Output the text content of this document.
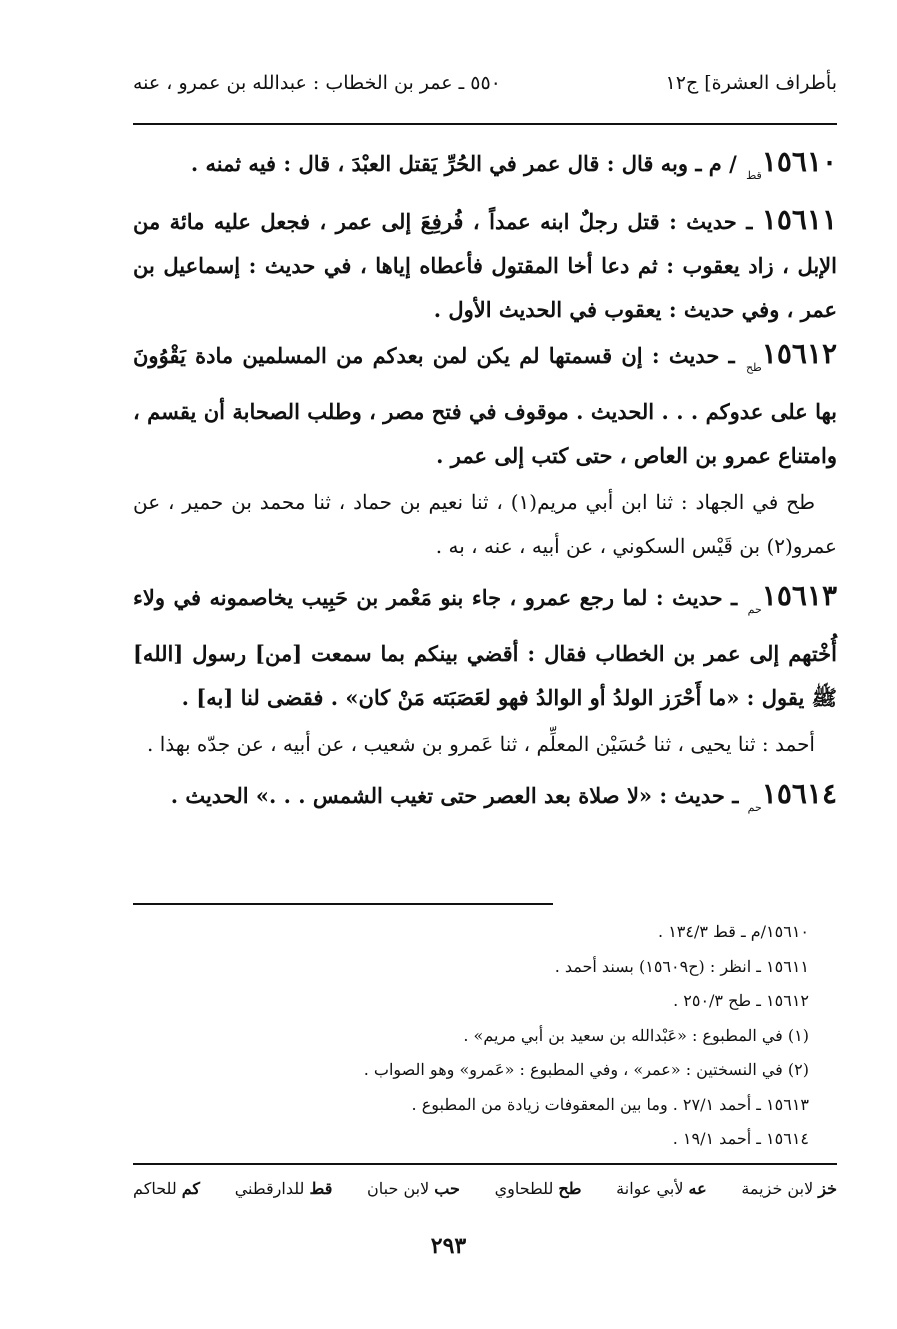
بأطراف العشرة] ج١٢
٥٥٠ ـ عمر بن الخطاب : عبدالله بن عمرو ، عنه

$١٥٦١٠_{قط}$ / م ـ وبه قال : قال عمر في الحُرِّ يَقتل العبْدَ ، قال : فيه ثمنه .

١٥٦١١ ـ حديث : قتل رجلٌ ابنه عمداً ، فُرفِعَ إلى عمر ، فجعل عليه مائة من الإبل ، زاد يعقوب : ثم دعا أخا المقتول فأعطاه إياها ، في حديث : إسماعيل بن عمر ، وفي حديث : يعقوب في الحديث الأول .

$١٥٦١٢_{طح}$ ـ حديث : إن قسمتها لم يكن لمن بعدكم من المسلمين مادة يَقْوُونَ بها على عدوكم . . . الحديث . موقوف في فتح مصر ، وطلب الصحابة أن يقسم ، وامتناع عمرو بن العاص ، حتى كتب إلى عمر .

طح في الجهاد : ثنا ابن أبي مريم(١) ، ثنا نعيم بن حماد ، ثنا محمد بن حمير ، عن عمرو(٢) بن قَيْس السكوني ، عن أبيه ، عنه ، به .

$١٥٦١٣_{حم}$ ـ حديث : لما رجع عمرو ، جاء بنو مَعْمر بن حَبِيب يخاصمونه في ولاء أُخْتهم إلى عمر بن الخطاب فقال : أقضي بينكم بما سمعت [من] رسول [الله] ﷺ يقول : «ما أَحْرَز الولدُ أو الوالدُ فهو لعَصَبَته مَنْ كان» . فقضى لنا [به] .

أحمد : ثنا يحيى ، ثنا حُسَيْن المعلِّم ، ثنا عَمرو بن شعيب ، عن أبيه ، عن جدّه بهذا .

$١٥٦١٤_{حم}$ ـ حديث : «لا صلاة بعد العصر حتى تغيب الشمس . . .» الحديث .

١٥٦١٠/م ـ قط ١٣٤/٣ .
١٥٦١١ ـ انظر : (ح١٥٦٠٩) بسند أحمد .
١٥٦١٢ ـ طح ٢٥٠/٣ .
(١) في المطبوع : «عَبْدالله بن سعيد بن أبي مريم» .
(٢) في النسختين : «عمر» ، وفي المطبوع : «عَمرو» وهو الصواب .
١٥٦١٣ ـ أحمد ٢٧/١ . وما بين المعقوفات زيادة من المطبوع .
١٥٦١٤ ـ أحمد ١٩/١ .
خز لابن خزيمة
عه لأبي عوانة
طح للطحاوي
حب لابن حبان
قط للدارقطني
كم للحاكم
٢٩٣
